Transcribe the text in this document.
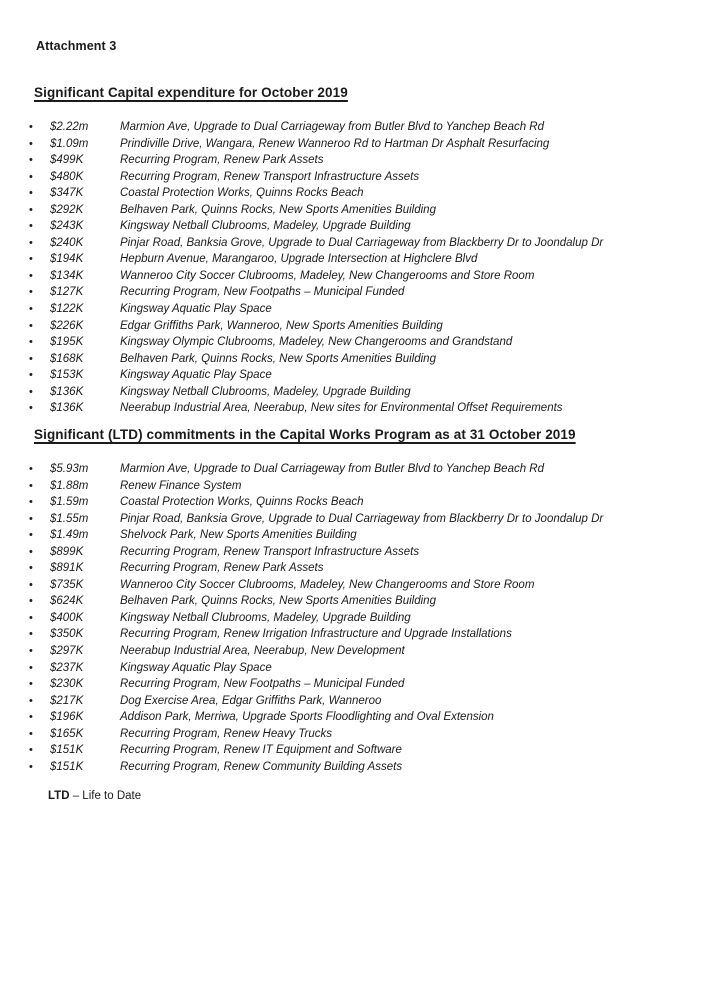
Attachment 3
Significant Capital expenditure for October 2019
•	$2.22m	Marmion Ave, Upgrade to Dual Carriageway from Butler Blvd to Yanchep Beach Rd
•	$1.09m	Prindiville Drive, Wangara, Renew Wanneroo Rd to Hartman Dr Asphalt Resurfacing
•	$499K	Recurring Program, Renew Park Assets
•	$480K	Recurring Program, Renew Transport Infrastructure Assets
•	$347K	Coastal Protection Works, Quinns Rocks Beach
•	$292K	Belhaven Park, Quinns Rocks, New Sports Amenities Building
•	$243K	Kingsway Netball Clubrooms, Madeley, Upgrade Building
•	$240K	Pinjar Road, Banksia Grove, Upgrade to Dual Carriageway from Blackberry Dr to Joondalup Dr
•	$194K	Hepburn Avenue, Marangaroo, Upgrade Intersection at Highclere Blvd
•	$134K	Wanneroo City Soccer Clubrooms, Madeley, New Changerooms and Store Room
•	$127K	Recurring Program, New Footpaths – Municipal Funded
•	$122K	Kingsway Aquatic Play Space
•	$226K	Edgar Griffiths Park, Wanneroo, New Sports Amenities Building
•	$195K	Kingsway Olympic Clubrooms, Madeley, New Changerooms and Grandstand
•	$168K	Belhaven Park, Quinns Rocks, New Sports Amenities Building
•	$153K	Kingsway Aquatic Play Space
•	$136K	Kingsway Netball Clubrooms, Madeley, Upgrade Building
•	$136K	Neerabup Industrial Area, Neerabup, New sites for Environmental Offset Requirements
Significant (LTD) commitments in the Capital Works Program as at 31 October 2019
•	$5.93m	Marmion Ave, Upgrade to Dual Carriageway from Butler Blvd to Yanchep Beach Rd
•	$1.88m	Renew Finance System
•	$1.59m	Coastal Protection Works, Quinns Rocks Beach
•	$1.55m	Pinjar Road, Banksia Grove, Upgrade to Dual Carriageway from Blackberry Dr to Joondalup Dr
•	$1.49m	Shelvock Park, New Sports Amenities Building
•	$899K	Recurring Program, Renew Transport Infrastructure Assets
•	$891K	Recurring Program, Renew Park Assets
•	$735K	Wanneroo City Soccer Clubrooms, Madeley, New Changerooms and Store Room
•	$624K	Belhaven Park, Quinns Rocks, New Sports Amenities Building
•	$400K	Kingsway Netball Clubrooms, Madeley, Upgrade Building
•	$350K	Recurring Program, Renew Irrigation Infrastructure and Upgrade Installations
•	$297K	Neerabup Industrial Area, Neerabup, New Development
•	$237K	Kingsway Aquatic Play Space
•	$230K	Recurring Program, New Footpaths – Municipal Funded
•	$217K	Dog Exercise Area, Edgar Griffiths Park, Wanneroo
•	$196K	Addison Park, Merriwa, Upgrade Sports Floodlighting and Oval Extension
•	$165K	Recurring Program, Renew Heavy Trucks
•	$151K	Recurring Program, Renew IT Equipment and Software
•	$151K	Recurring Program, Renew Community Building Assets
LTD – Life to Date
